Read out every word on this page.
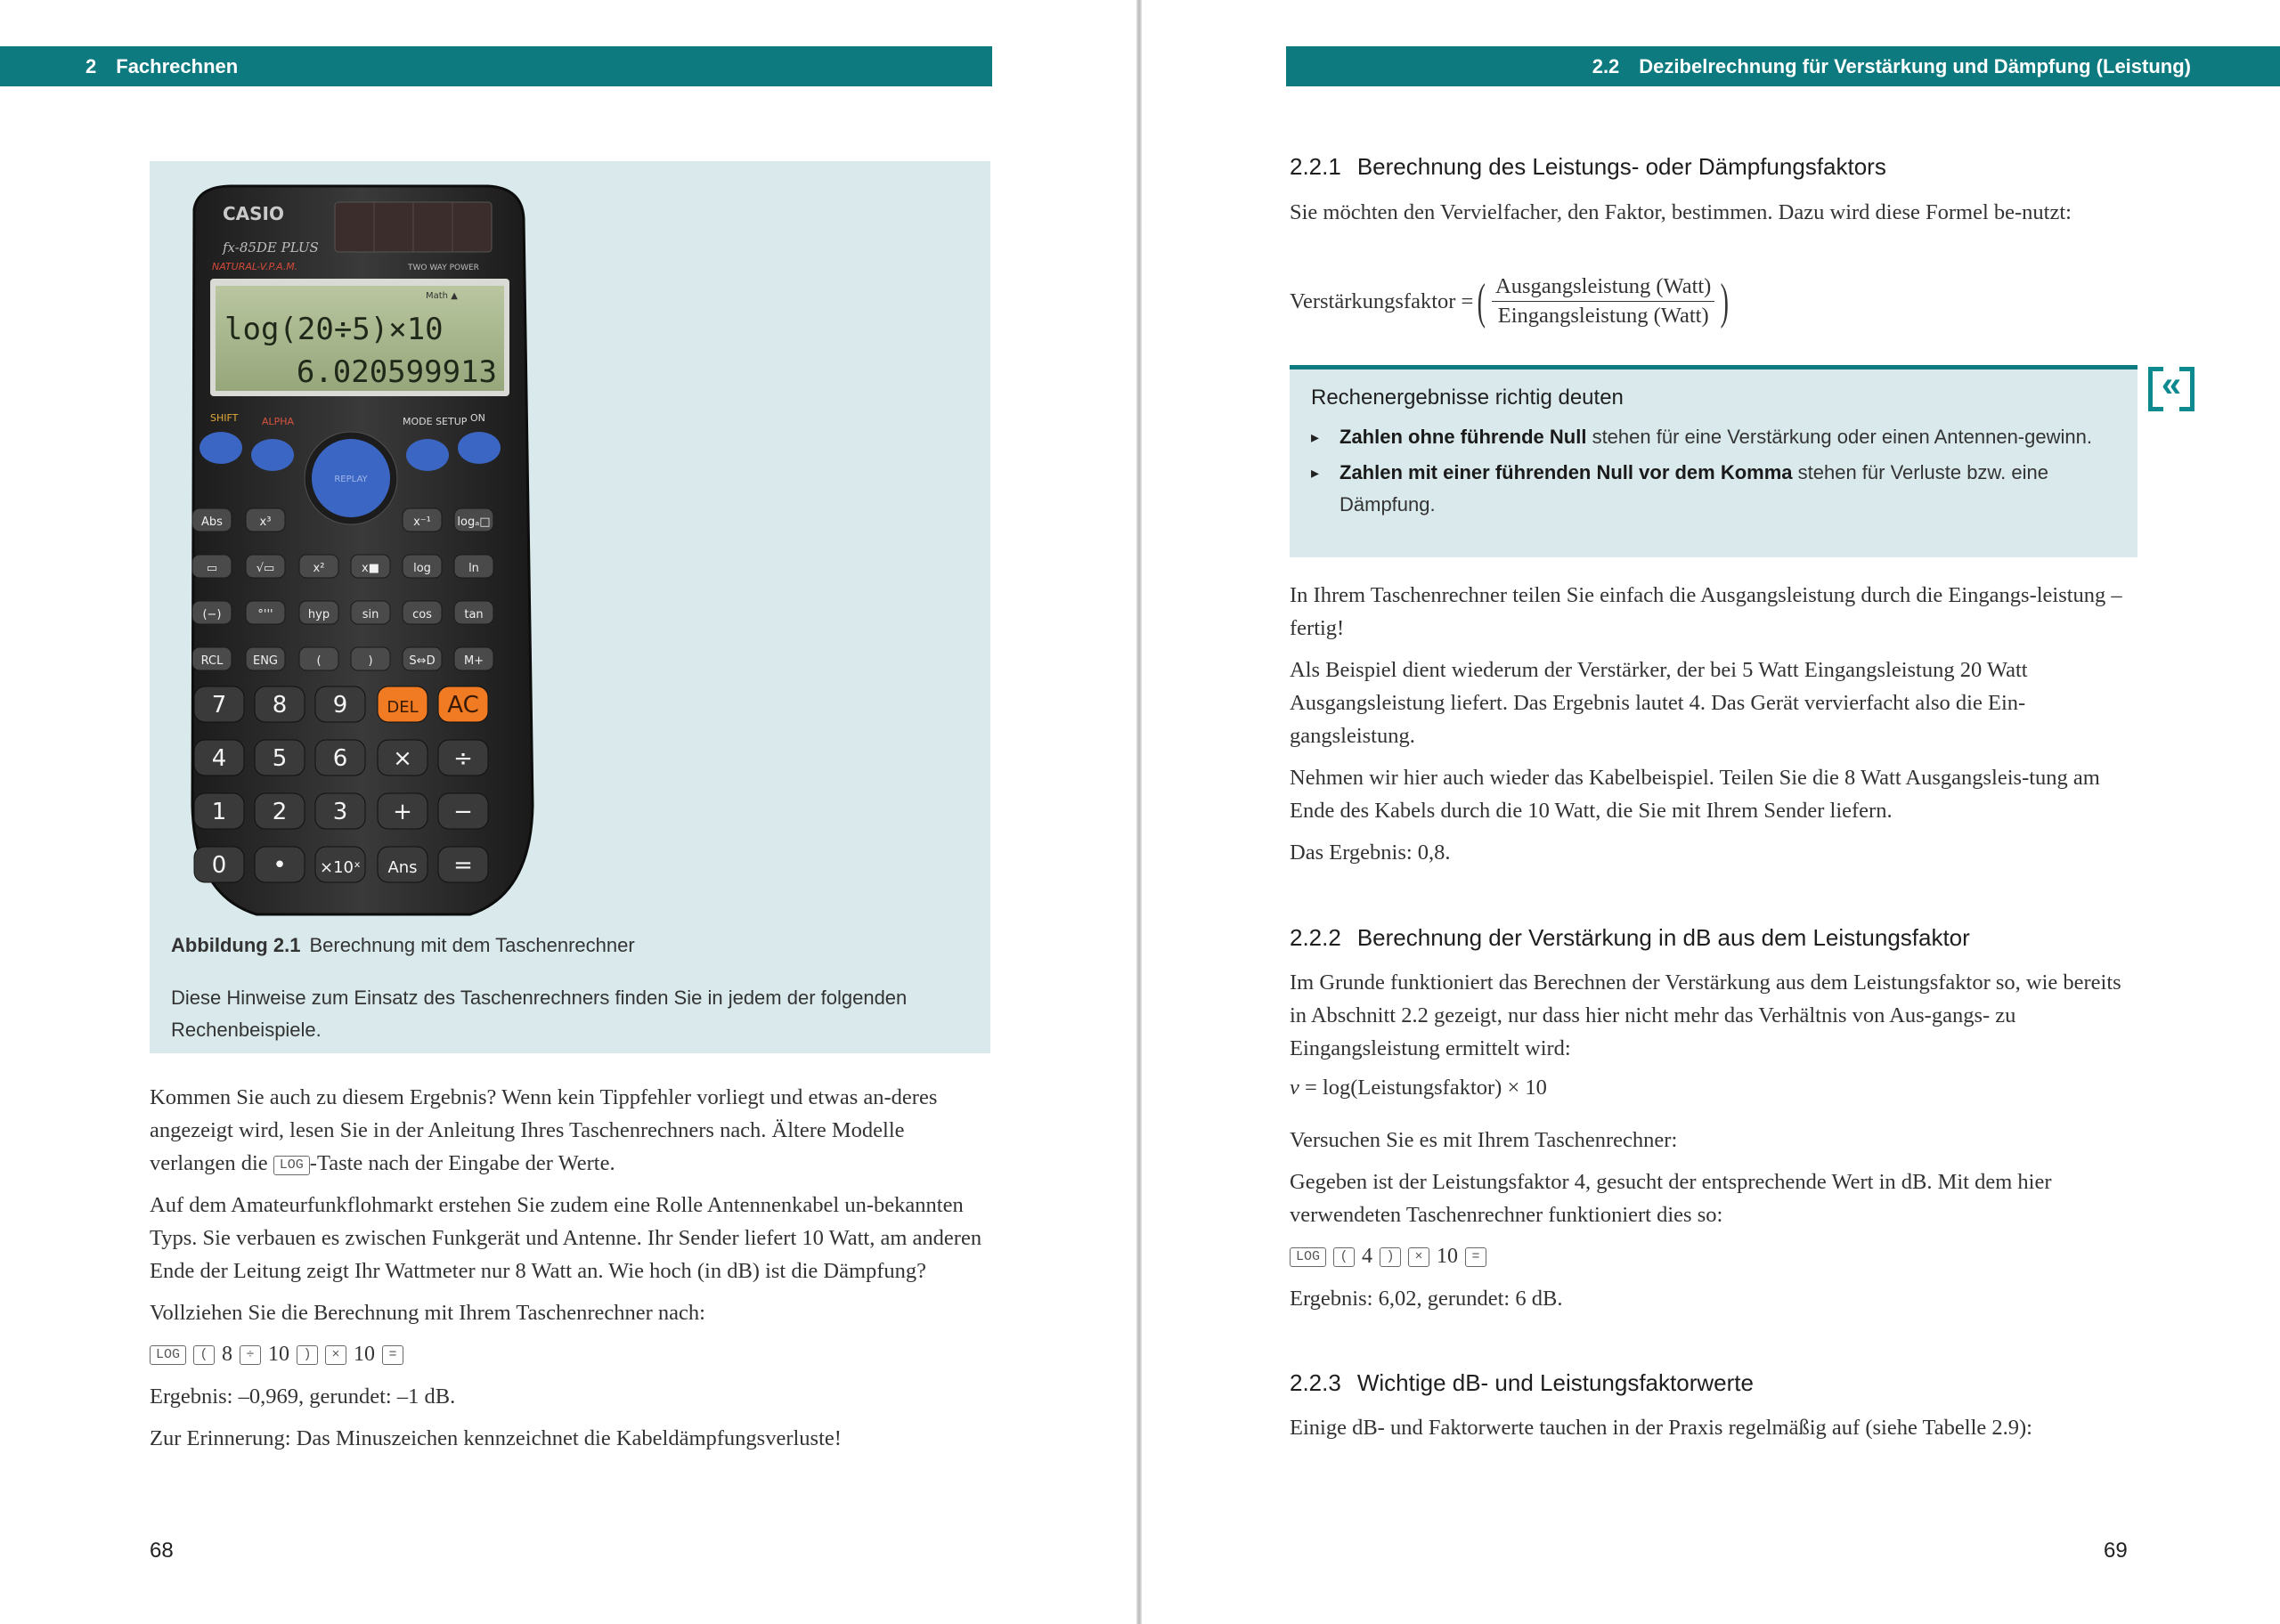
2 Fachrechnen
CASIO
fx-85DE PLUS
NATURAL-V.P.A.M.	TWO WAY POWER
Math ▲
log(20÷5)×10
6.020599913
SHIFT ALPHA	MODE SETUP ON
REPLAY
Abs	x³	x⁻¹ logₐ□
▭	√▭	x²	x■	log	ln
(−)	°'''	hyp	sin	cos	tan
RCL	ENG	(	)	S⇔D M+
7 8 9 DEL AC
4 5 6 × ÷
1 2 3 + −
0 • ×10ˣ Ans =
Abbildung 2.1 Berechnung mit dem Taschenrechner
Diese Hinweise zum Einsatz des Taschenrechners finden Sie in jedem der folgenden Rechenbeispiele.

Kommen Sie auch zu diesem Ergebnis? Wenn kein Tippfehler vorliegt und etwas an-deres angezeigt wird, lesen Sie in der Anleitung Ihres Taschenrechners nach. Ältere Modelle verlangen die LOG -Taste nach der Eingabe der Werte.

Auf dem Amateurfunkflohmarkt erstehen Sie zudem eine Rolle Antennenkabel un-bekannten Typs. Sie verbauen es zwischen Funkgerät und Antenne. Ihr Sender liefert 10 Watt, am anderen Ende der Leitung zeigt Ihr Wattmeter nur 8 Watt an. Wie hoch (in dB) ist die Dämpfung?

Vollziehen Sie die Berechnung mit Ihrem Taschenrechner nach:

LOG	( 8	÷ 10	)	× 10	=

Ergebnis: –0,969, gerundet: –1 dB.

Zur Erinnerung: Das Minuszeichen kennzeichnet die Kabeldämpfungsverluste!

68
2.2 Dezibelrechnung für Verstärkung und Dämpfung (Leistung)
2.2.1 Berechnung des Leistungs- oder Dämpfungsfaktors
Sie möchten den Vervielfacher, den Faktor, bestimmen. Dazu wird diese Formel be-nutzt:
Verstärkungsfaktor = ( $\frac{\text{Ausgangsleistung (Watt)}}{\text{Eingangsleistung (Watt)}}$ )
Rechenergebnisse richtig deuten
▸ Zahlen ohne führende Null stehen für eine Verstärkung oder einen Antennen-gewinn.
▸ Zahlen mit einer führenden Null vor dem Komma stehen für Verluste bzw. eine Dämpfung.
«

In Ihrem Taschenrechner teilen Sie einfach die Ausgangsleistung durch die Eingangs-leistung – fertig!

Als Beispiel dient wiederum der Verstärker, der bei 5 Watt Eingangsleistung 20 Watt Ausgangsleistung liefert. Das Ergebnis lautet 4. Das Gerät vervierfacht also die Ein-gangsleistung.

Nehmen wir hier auch wieder das Kabelbeispiel. Teilen Sie die 8 Watt Ausgangsleis-tung am Ende des Kabels durch die 10 Watt, die Sie mit Ihrem Sender liefern.

Das Ergebnis: 0,8.

2.2.2 Berechnung der Verstärkung in dB aus dem Leistungsfaktor
Im Grunde funktioniert das Berechnen der Verstärkung aus dem Leistungsfaktor so, wie bereits in Abschnitt 2.2 gezeigt, nur dass hier nicht mehr das Verhältnis von Aus-gangs- zu Eingangsleistung ermittelt wird:
v = log(Leistungsfaktor) × 10

Versuchen Sie es mit Ihrem Taschenrechner:

Gegeben ist der Leistungsfaktor 4, gesucht der entsprechende Wert in dB. Mit dem hier verwendeten Taschenrechner funktioniert dies so:

LOG	( 4	)	× 10	=

Ergebnis: 6,02, gerundet: 6 dB.

2.2.3 Wichtige dB- und Leistungsfaktorwerte
Einige dB- und Faktorwerte tauchen in der Praxis regelmäßig auf (siehe Tabelle 2.9):
69
